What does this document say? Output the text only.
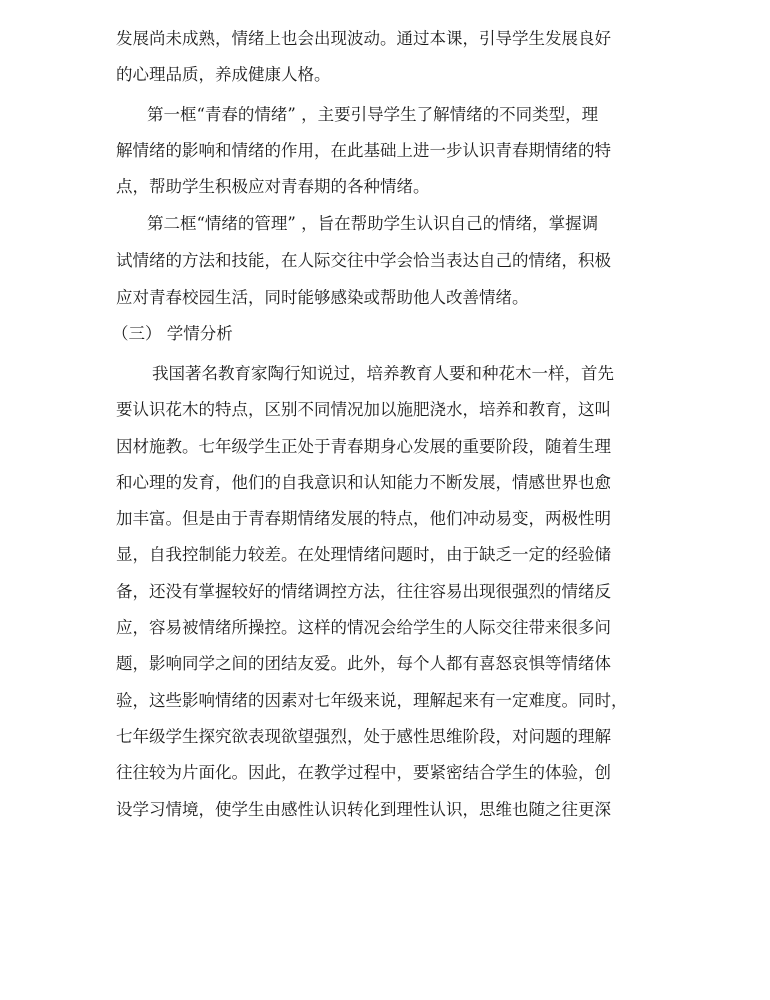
发展尚未成熟，情绪上也会出现波动。通过本课，引导学生发展良好

的心理品质，养成健康人格。

第一框“青春的情绪” ，主要引导学生了解情绪的不同类型，理

解情绪的影响和情绪的作用，在此基础上进一步认识青春期情绪的特

点，帮助学生积极应对青春期的各种情绪。

第二框“情绪的管理” ，旨在帮助学生认识自己的情绪，掌握调

试情绪的方法和技能，在人际交往中学会恰当表达自己的情绪，积极

应对青春校园生活，同时能够感染或帮助他人改善情绪。

（三） 学情分析

我国著名教育家陶行知说过，培养教育人要和种花木一样，首先

要认识花木的特点，区别不同情况加以施肥浇水，培养和教育，这叫

因材施教。七年级学生正处于青春期身心发展的重要阶段，随着生理

和心理的发育，他们的自我意识和认知能力不断发展，情感世界也愈

加丰富。但是由于青春期情绪发展的特点，他们冲动易变，两极性明

显，自我控制能力较差。在处理情绪问题时，由于缺乏一定的经验储

备，还没有掌握较好的情绪调控方法，往往容易出现很强烈的情绪反

应，容易被情绪所操控。这样的情况会给学生的人际交往带来很多问

题，影响同学之间的团结友爱。此外，每个人都有喜怒哀惧等情绪体

验，这些影响情绪的因素对七年级来说，理解起来有一定难度。同时，

七年级学生探究欲表现欲望强烈，处于感性思维阶段，对问题的理解

往往较为片面化。因此，在教学过程中，要紧密结合学生的体验，创

设学习情境，使学生由感性认识转化到理性认识，思维也随之往更深
